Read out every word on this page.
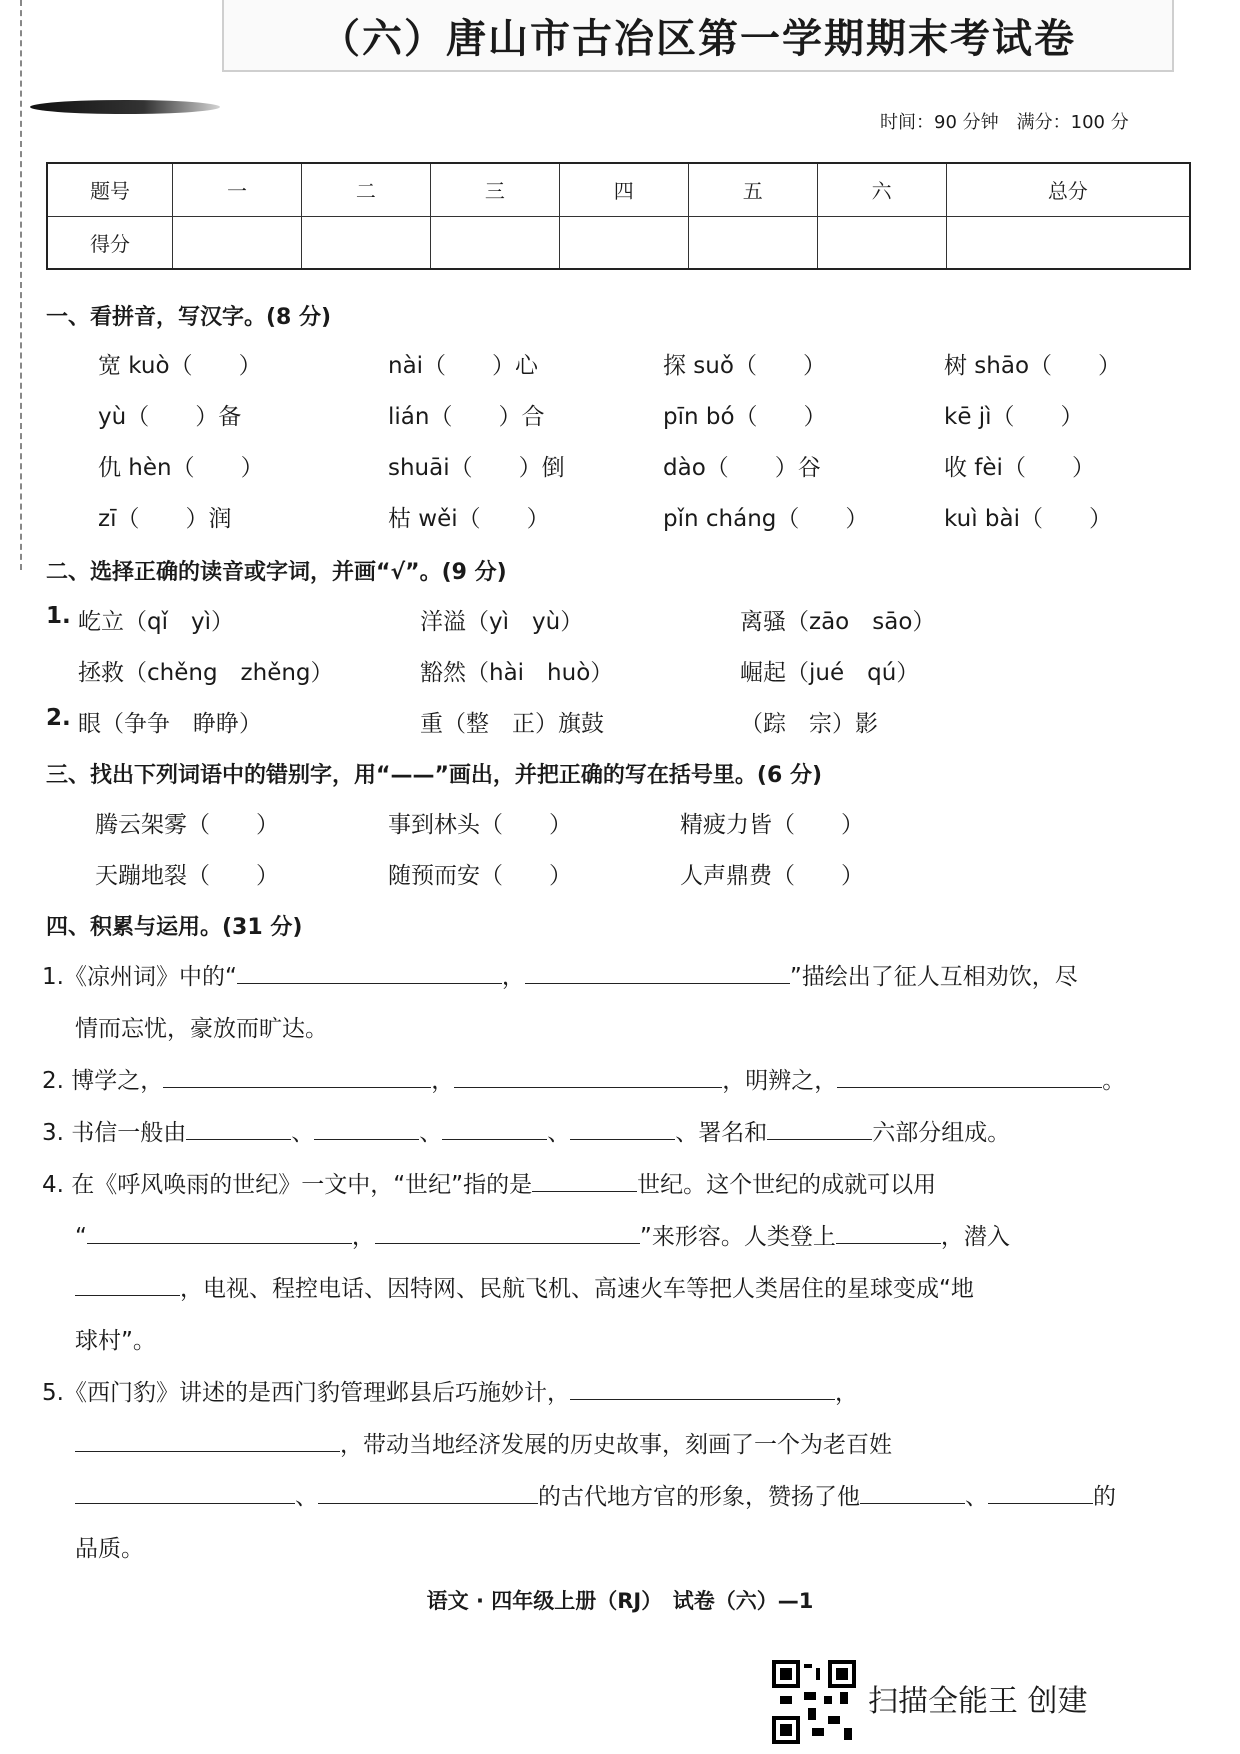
（六）唐山市古冶区第一学期期末考试卷
时间：90 分钟　满分：100 分
题号	一	二	三	四	五	六	总分
得分							
一、看拼音，写汉字。(8 分)
宽 kuò（　　）	nài（　　）心	探 suǒ（　　）	树 shāo（　　）
yù（　　）备	lián（　　）合	pīn bó（　　）	kē jì（　　）
仇 hèn（　　）	shuāi（　　）倒	dào（　　）谷	收 fèi（　　）
zī（　　）润	枯 wěi（　　）	pǐn cháng（　　）	kuì bài（　　）
二、选择正确的读音或字词，并画“√”。(9 分)
1. 屹立（qǐ　yì）	洋溢（yì　yù）	离骚（zāo　sāo）
拯救（chěng　zhěng）	豁然（hài　huò）	崛起（jué　qú）
2. 眼（争争　睁睁）	重（整　正）旗鼓	（踪　宗）影
三、找出下列词语中的错别字，用“——”画出，并把正确的写在括号里。(6 分)
腾云架雾（　　）	事到林头（　　）	精疲力皆（　　）
天蹦地裂（　　）	随预而安（　　）	人声鼎费（　　）
四、积累与运用。(31 分)
1.《凉州词》中的“	，	”描绘出了征人互相劝饮，尽
情而忘忧，豪放而旷达。
2. 博学之，	，	，明辨之，	。
3. 书信一般由	、	、	、	、署名和	六部分组成。
4. 在《呼风唤雨的世纪》一文中，“世纪”指的是	世纪。这个世纪的成就可以用
“	，	”来形容。人类登上	，潜入
，电视、程控电话、因特网、民航飞机、高速火车等把人类居住的星球变成“地
球村”。
5.《西门豹》讲述的是西门豹管理邺县后巧施妙计，	，
，带动当地经济发展的历史故事，刻画了一个为老百姓
、	的古代地方官的形象，赞扬了他	、	的
品质。
语文 · 四年级上册（RJ）　试卷（六）—1
扫描全能王 创建
